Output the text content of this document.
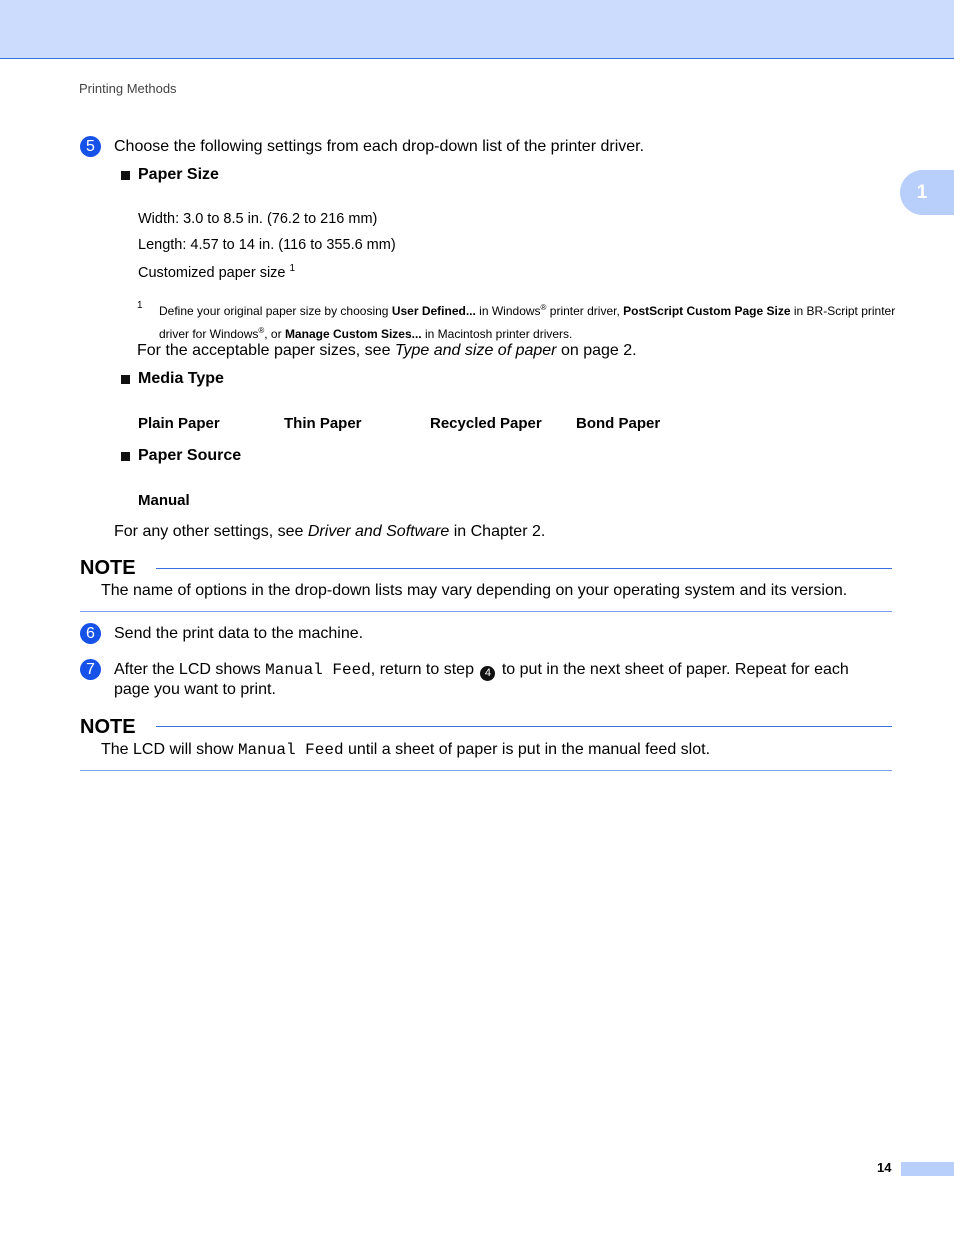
Printing Methods
1
5	Choose the following settings from each drop-down list of the printer driver.
Paper Size
Width: 3.0 to 8.5 in. (76.2 to 216 mm)
Length: 4.57 to 14 in. (116 to 355.6 mm)
Customized paper size $^1$
1 Define your original paper size by choosing User Defined... in Windows® printer driver, PostScript Custom Page Size in BR-Script printer driver for Windows®, or Manage Custom Sizes... in Macintosh printer drivers.
For the acceptable paper sizes, see Type and size of paper on page 2.
Media Type
Plain Paper	Thin Paper	Recycled Paper Bond Paper
Paper Source
Manual
For any other settings, see Driver and Software in Chapter 2.
NOTE
The name of options in the drop-down lists may vary depending on your operating system and its version.
6	Send the print data to the machine.
7	After the LCD shows Manual Feed, return to step 4 to put in the next sheet of paper. Repeat for each
page you want to print.
NOTE
The LCD will show Manual Feed until a sheet of paper is put in the manual feed slot.
14
